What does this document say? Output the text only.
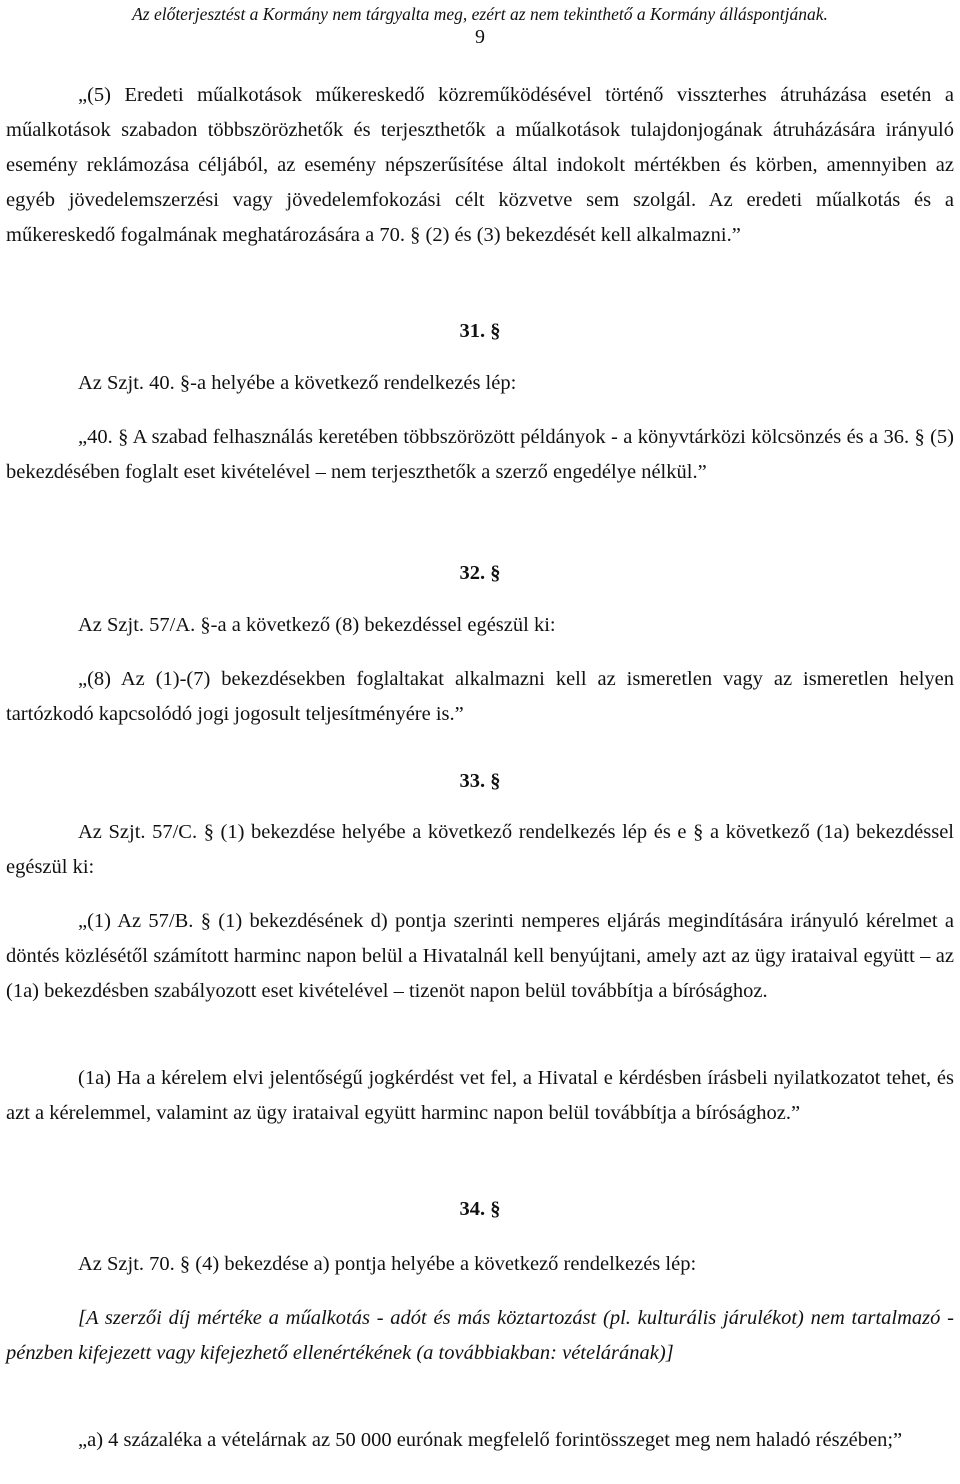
Az előterjesztést a Kormány nem tárgyalta meg, ezért az nem tekinthető a Kormány álláspontjának.
9
„(5) Eredeti műalkotások műkereskedő közreműködésével történő visszterhes átruházása esetén a műalkotások szabadon többszörözhetők és terjeszthetők a műalkotások tulajdonjogának átruházására irányuló esemény reklámozása céljából, az esemény népszerűsítése által indokolt mértékben és körben, amennyiben az egyéb jövedelemszerzési vagy jövedelemfokozási célt közvetve sem szolgál. Az eredeti műalkotás és a műkereskedő fogalmának meghatározására a 70. § (2) és (3) bekezdését kell alkalmazni.”
31. §
Az Szjt. 40. §-a helyébe a következő rendelkezés lép:
„40. § A szabad felhasználás keretében többszörözött példányok - a könyvtárközi kölcsönzés és a 36. § (5) bekezdésében foglalt eset kivételével – nem terjeszthetők a szerző engedélye nélkül.”
32. §
Az Szjt. 57/A. §-a a következő (8) bekezdéssel egészül ki:
„(8) Az (1)-(7) bekezdésekben foglaltakat alkalmazni kell az ismeretlen vagy az ismeretlen helyen tartózkodó kapcsolódó jogi jogosult teljesítményére is.”
33. §
Az Szjt. 57/C. § (1) bekezdése helyébe a következő rendelkezés lép és e § a következő (1a) bekezdéssel egészül ki:
„(1) Az 57/B. § (1) bekezdésének d) pontja szerinti nemperes eljárás megindítására irányuló kérelmet a döntés közlésétől számított harminc napon belül a Hivatalnál kell benyújtani, amely azt az ügy irataival együtt – az (1a) bekezdésben szabályozott eset kivételével – tizenöt napon belül továbbítja a bírósághoz.
(1a) Ha a kérelem elvi jelentőségű jogkérdést vet fel, a Hivatal e kérdésben írásbeli nyilatkozatot tehet, és azt a kérelemmel, valamint az ügy irataival együtt harminc napon belül továbbítja a bírósághoz.”
34. §
Az Szjt. 70. § (4) bekezdése a) pontja helyébe a következő rendelkezés lép:
[A szerzői díj mértéke a műalkotás - adót és más köztartozást (pl. kulturális járulékot) nem tartalmazó - pénzben kifejezett vagy kifejezhető ellenértékének (a továbbiakban: vételárának)]
„a) 4 százaléka a vételárnak az 50 000 eurónak megfelelő forintösszeget meg nem haladó részében;”
